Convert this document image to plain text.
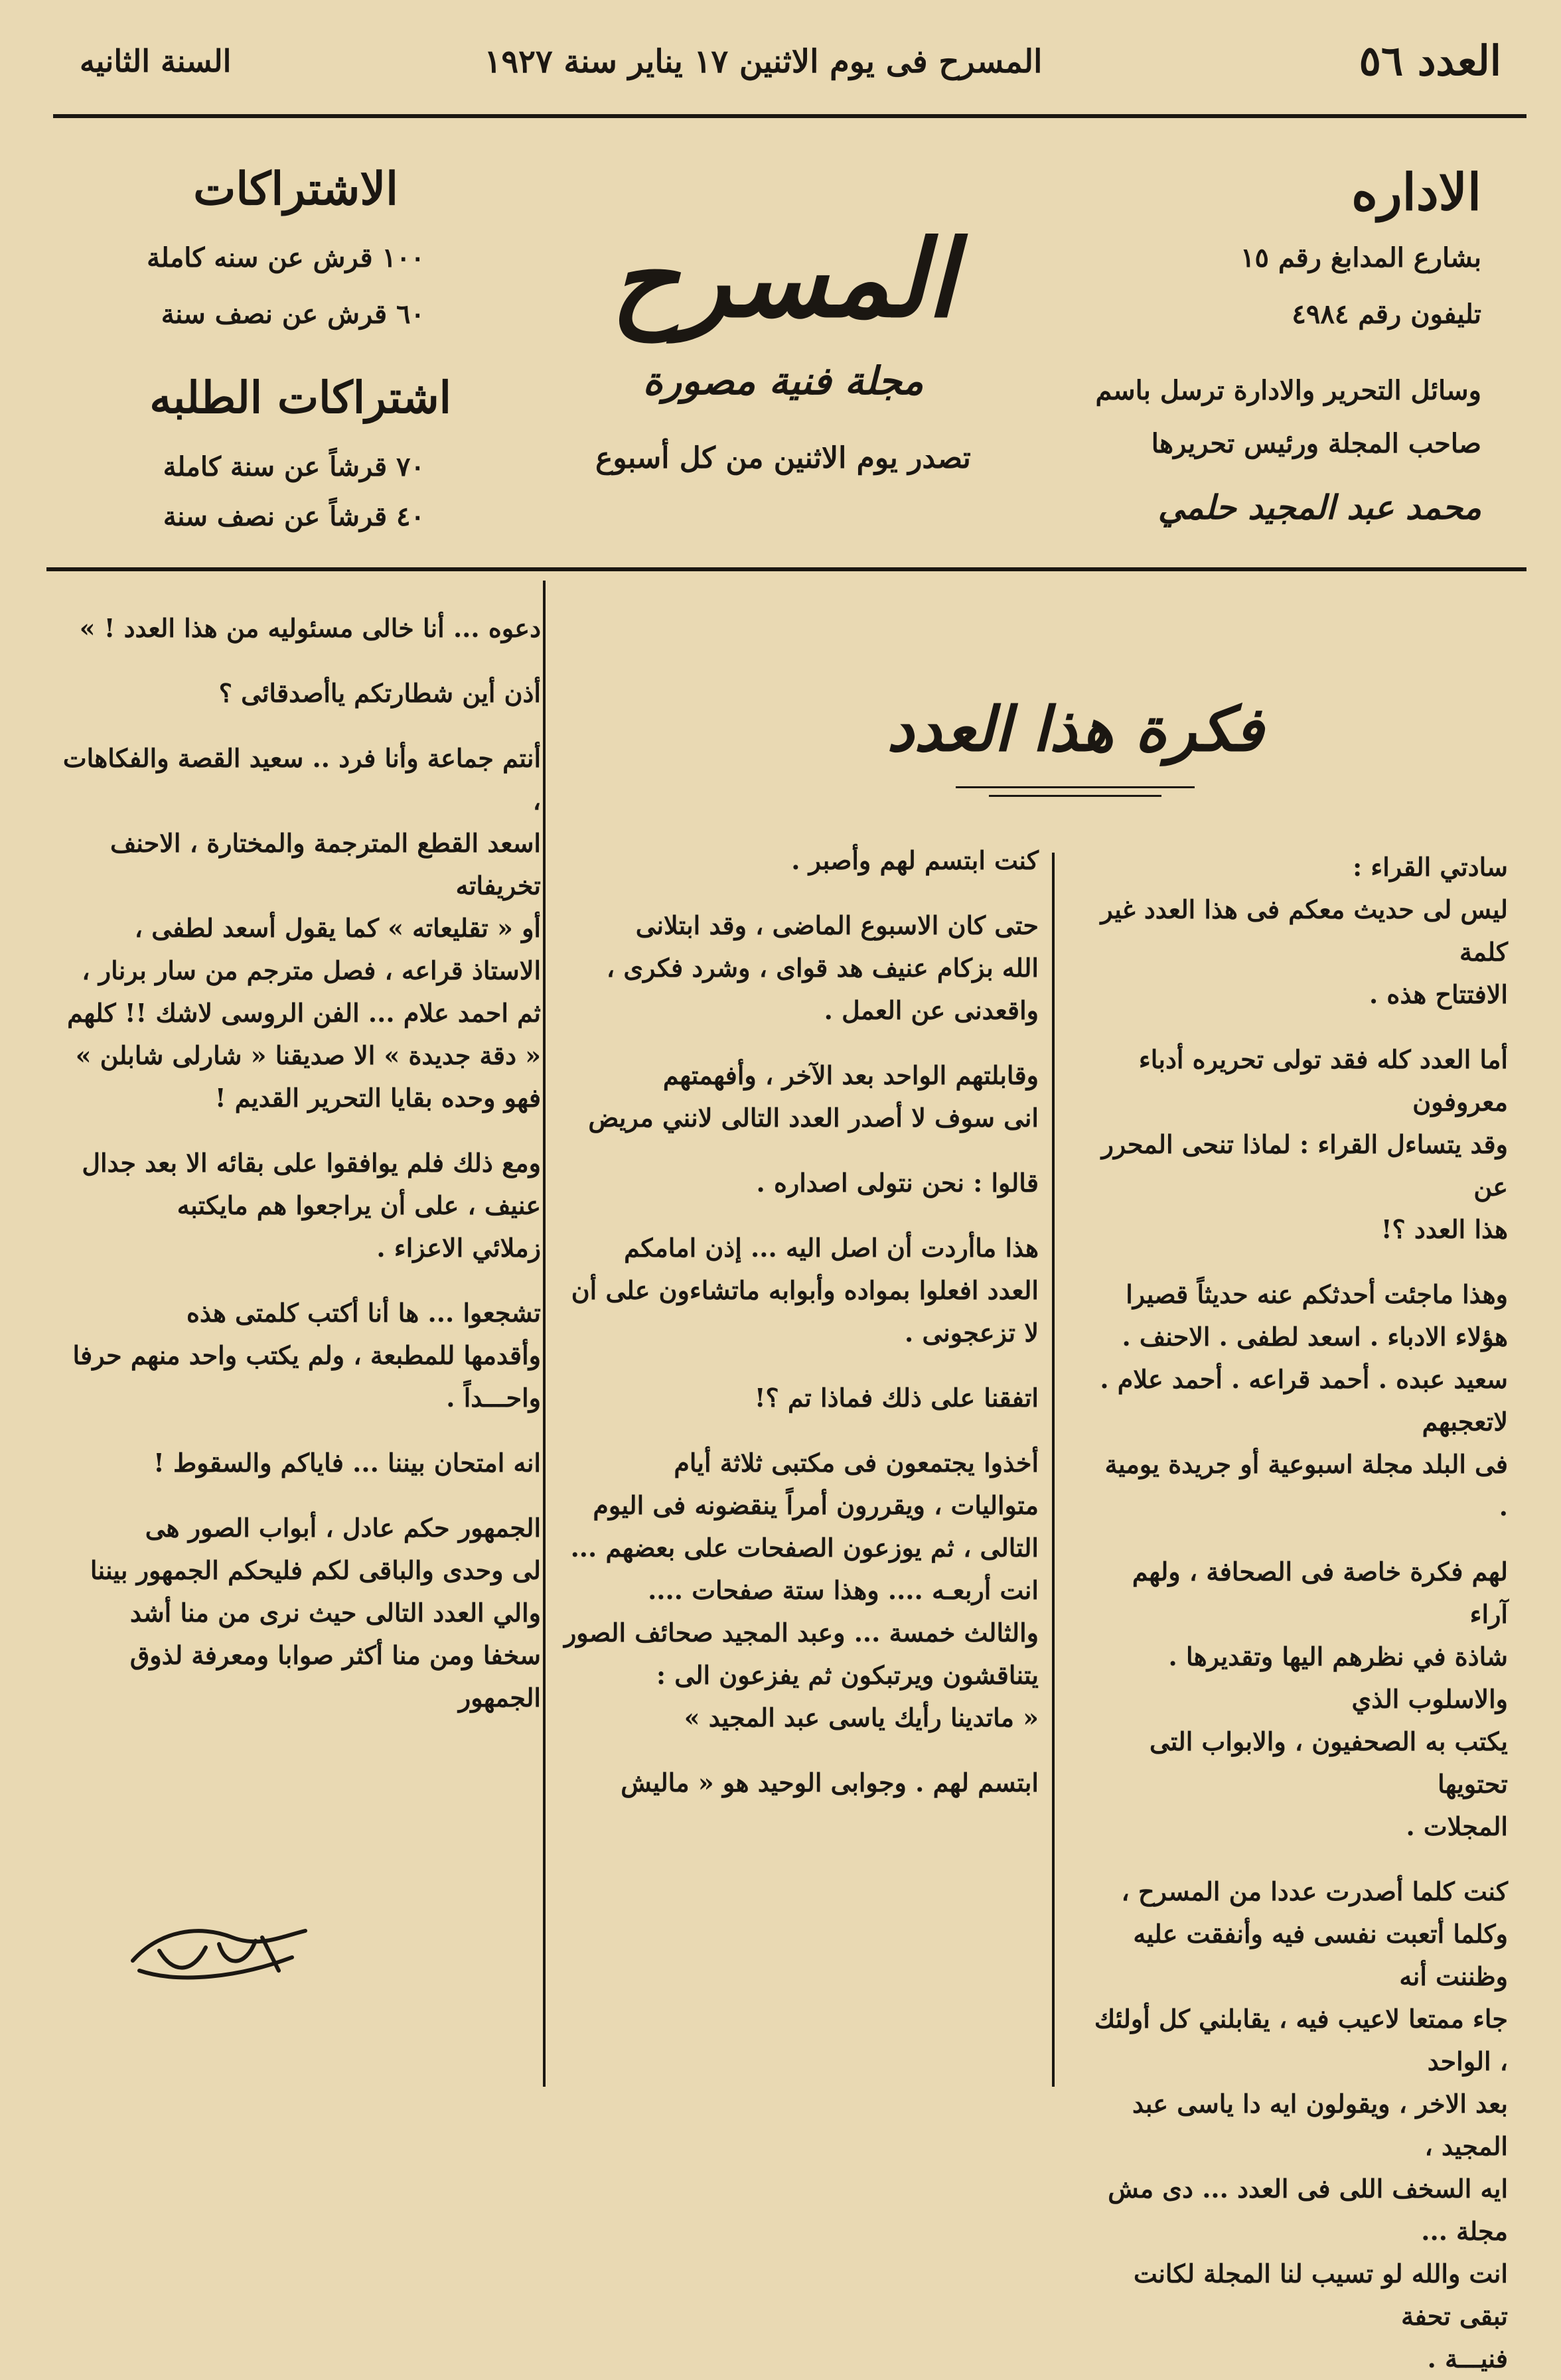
العدد ٥٦
المسرح فى يوم الاثنين ١٧ يناير سنة ١٩٢٧
السنة الثانيه
الاداره
بشارع المدابغ رقم ١٥
تليفون رقم ٤٩٨٤
وسائل التحرير والادارة ترسل باسم
صاحب المجلة ورئيس تحريرها
محمد عبد المجيد حلمي
المسرح
مجلة فنية مصورة
تصدر يوم الاثنين من كل أسبوع
الاشتراكات
١٠٠ قرش عن سنه كاملة
٦٠ قرش عن نصف سنة
اشتراكات الطلبه
٧٠ قرشاً عن سنة كاملة
٤٠ قرشاً عن نصف سنة
فكرة هذا العدد

سادتي القراء :

ليس لى حديث معكم فى هذا العدد غير كلمة

الافتتاح هذه .

أما العدد كله فقد تولى تحريره أدباء معروفون

وقد يتساءل القراء : لماذا تنحى المحرر عن

هذا العدد ؟!

وهذا ماجئت أحدثكم عنه حديثاً قصيرا

هؤلاء الادباء . اسعد لطفى . الاحنف .

سعيد عبده . أحمد قراعه . أحمد علام . لاتعجبهم

فى البلد مجلة اسبوعية أو جريدة يومية .

لهم فكرة خاصة فى الصحافة ، ولهم آراء

شاذة في نظرهم اليها وتقديرها . والاسلوب الذي

يكتب به الصحفيون ، والابواب التى تحتويها

المجلات .

كنت كلما أصدرت عددا من المسرح ،

وكلما أتعبت نفسى فيه وأنفقت عليه وظننت أنه

جاء ممتعا لاعيب فيه ، يقابلني كل أولئك ، الواحد

بعد الاخر ، ويقولون ايه دا ياسى عبد المجيد ،

ايه السخف اللى فى العدد ... دى مش مجلة ...

انت والله لو تسيب لنا المجلة لكانت تبقى تحفة

فنيـــة .

كنت ابتسم لهم وأصبر .

حتى كان الاسبوع الماضى ، وقد ابتلانى

الله بزكام عنيف هد قواى ، وشرد فكرى ،

واقعدنى عن العمل .

وقابلتهم الواحد بعد الآخر ، وأفهمتهم

انى سوف لا أصدر العدد التالى لانني مريض

قالوا : نحن نتولى اصداره .

هذا ماأردت أن اصل اليه ... إذن امامكم

العدد افعلوا بمواده وأبوابه ماتشاءون على أن

لا تزعجونى .

اتفقنا على ذلك فماذا تم ؟!

أخذوا يجتمعون فى مكتبى ثلاثة أيام

متواليات ، ويقررون أمراً ينقضونه فى اليوم

التالى ، ثم يوزعون الصفحات على بعضهم ...

انت أربعـه .... وهذا ستة صفحات ....

والثالث خمسة ... وعبد المجيد صحائف الصور

يتناقشون ويرتبكون ثم يفزعون الى :

« ماتدينا رأيك ياسى عبد المجيد »

ابتسم لهم . وجوابى الوحيد هو « ماليش

دعوه ... أنا خالى مسئوليه من هذا العدد ! »

أذن أين شطارتكم ياأصدقائى ؟

أنتم جماعة وأنا فرد .. سعيد القصة والفكاهات ،

اسعد القطع المترجمة والمختارة ، الاحنف تخريفاته

أو « تقليعاته » كما يقول أسعد لطفى ،

الاستاذ قراعه ، فصل مترجم من سار برنار ،

ثم احمد علام ... الفن الروسى لاشك !! كلهم

« دقة جديدة » الا صديقنا « شارلى شابلن »

فهو وحده بقايا التحرير القديم !

ومع ذلك فلم يوافقوا على بقائه الا بعد جدال

عنيف ، على أن يراجعوا هم مايكتبه

زملائي الاعزاء .

تشجعوا ... ها أنا أكتب كلمتى هذه

وأقدمها للمطبعة ، ولم يكتب واحد منهم حرفا

واحـــداً .

انه امتحان بيننا ... فاياكم والسقوط !

الجمهور حكم عادل ، أبواب الصور هى

لى وحدى والباقى لكم فليحكم الجمهور بيننا

والي العدد التالى حيث نرى من منا أشد

سخفا ومن منا أكثر صوابا ومعرفة لذوق الجمهور
